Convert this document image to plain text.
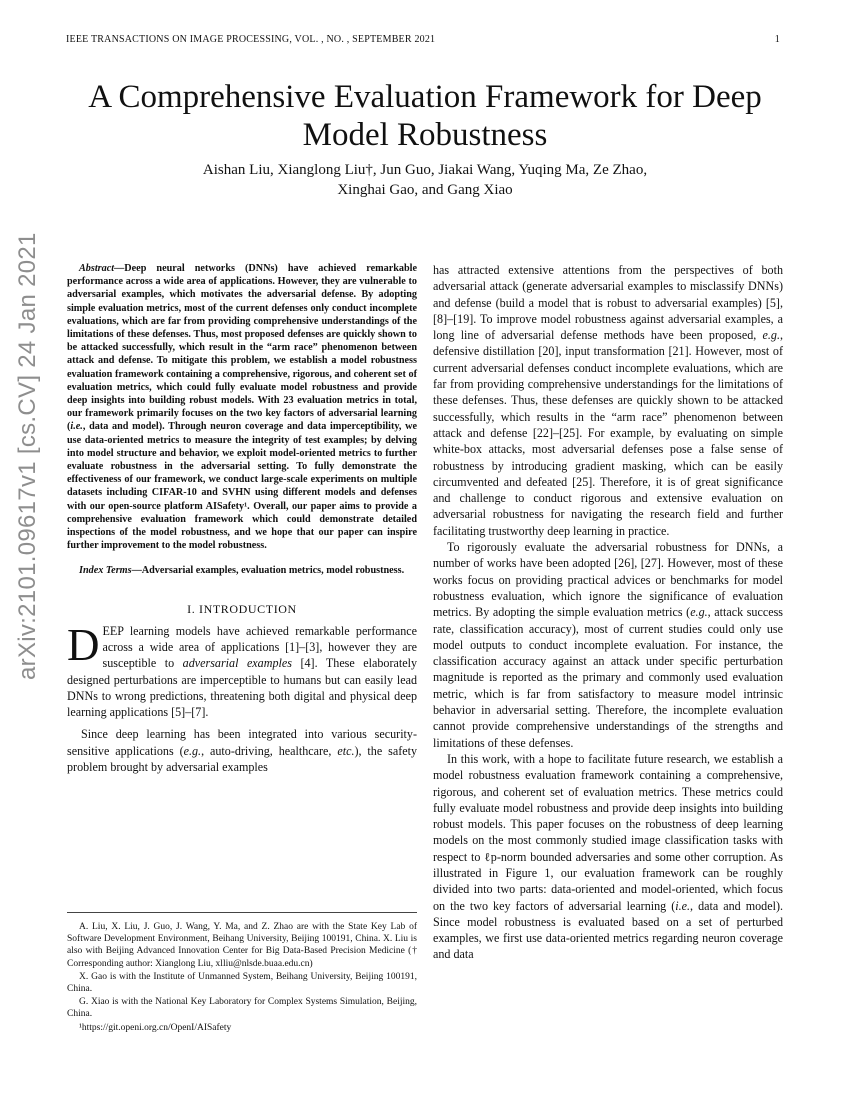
IEEE TRANSACTIONS ON IMAGE PROCESSING, VOL. , NO. , SEPTEMBER 2021	1
A Comprehensive Evaluation Framework for Deep Model Robustness
Aishan Liu, Xianglong Liu†, Jun Guo, Jiakai Wang, Yuqing Ma, Ze Zhao,
Xinghai Gao, and Gang Xiao
arXiv:2101.09617v1 [cs.CV] 24 Jan 2021	Abstract—Deep neural networks (DNNs) have achieved remarkable performance across a wide area of applications. However, they are vulnerable to adversarial examples, which motivates the adversarial defense. By adopting simple evaluation metrics, most of the current defenses only conduct incomplete evaluations, which are far from providing comprehensive understandings of the limitations of these defenses. Thus, most proposed defenses are quickly shown to be attacked successfully, which result in the “arm race” phenomenon between attack and defense. To mitigate this problem, we establish a model robustness evaluation framework containing a comprehensive, rigorous, and coherent set of evaluation metrics, which could fully evaluate model robustness and provide deep insights into building robust models. With 23 evaluation metrics in total, our framework primarily focuses on the two key factors of adversarial learning (i.e., data and model). Through neuron coverage and data imperceptibility, we use data-oriented metrics to measure the integrity of test examples; by delving into model structure and behavior, we exploit model-oriented metrics to further evaluate robustness in the adversarial setting. To fully demonstrate the effectiveness of our framework, we conduct large-scale experiments on multiple datasets including CIFAR-10 and SVHN using different models and defenses with our open-source platform AISafety¹. Overall, our paper aims to provide a comprehensive evaluation framework which could demonstrate detailed inspections of the model robustness, and we hope that our paper can inspire further improvement to the model robustness.

Index Terms—Adversarial examples, evaluation metrics, model robustness.

I. INTRODUCTION

DEEP learning models have achieved remarkable performance across a wide area of applications [1]–[3], however they are susceptible to adversarial examples [4]. These elaborately designed perturbations are imperceptible to humans but can easily lead DNNs to wrong predictions, threatening both digital and physical deep learning applications [5]–[7].

Since deep learning has been integrated into various security-sensitive applications (e.g., auto-driving, healthcare, etc.), the safety problem brought by adversarial examples

A. Liu, X. Liu, J. Guo, J. Wang, Y. Ma, and Z. Zhao are with the State Key Lab of Software Development Environment, Beihang University, Beijing 100191, China. X. Liu is also with Beijing Advanced Innovation Center for Big Data-Based Precision Medicine († Corresponding author: Xianglong Liu, xlliu@nlsde.buaa.edu.cn)

X. Gao is with the Institute of Unmanned System, Beihang University, Beijing 100191, China.

G. Xiao is with the National Key Laboratory for Complex Systems Simulation, Beijing, China.

¹https://git.openi.org.cn/OpenI/AISafety

has attracted extensive attentions from the perspectives of both adversarial attack (generate adversarial examples to misclassify DNNs) and defense (build a model that is robust to adversarial examples) [5], [8]–[19]. To improve model robustness against adversarial examples, a long line of adversarial defense methods have been proposed, e.g., defensive distillation [20], input transformation [21]. However, most of current adversarial defenses conduct incomplete evaluations, which are far from providing comprehensive understandings for the limitations of these defenses. Thus, these defenses are quickly shown to be attacked successfully, which results in the “arm race” phenomenon between attack and defense [22]–[25]. For example, by evaluating on simple white-box attacks, most adversarial defenses pose a false sense of robustness by introducing gradient masking, which can be easily circumvented and defeated [25]. Therefore, it is of great significance and challenge to conduct rigorous and extensive evaluation on adversarial robustness for navigating the research field and further facilitating trustworthy deep learning in practice.

To rigorously evaluate the adversarial robustness for DNNs, a number of works have been adopted [26], [27]. However, most of these works focus on providing practical advices or benchmarks for model robustness evaluation, which ignore the significance of evaluation metrics. By adopting the simple evaluation metrics (e.g., attack success rate, classification accuracy), most of current studies could only use model outputs to conduct incomplete evaluation. For instance, the classification accuracy against an attack under specific perturbation magnitude is reported as the primary and commonly used evaluation metric, which is far from satisfactory to measure model intrinsic behavior in adversarial setting. Therefore, the incomplete evaluation cannot provide comprehensive understandings of the strengths and limitations of these defenses.

In this work, with a hope to facilitate future research, we establish a model robustness evaluation framework containing a comprehensive, rigorous, and coherent set of evaluation metrics. These metrics could fully evaluate model robustness and provide deep insights into building robust models. This paper focuses on the robustness of deep learning models on the most commonly studied image classification tasks with respect to ℓp-norm bounded adversaries and some other corruption. As illustrated in Figure 1, our evaluation framework can be roughly divided into two parts: data-oriented and model-oriented, which focus on the two key factors of adversarial learning (i.e., data and model). Since model robustness is evaluated based on a set of perturbed examples, we first use data-oriented metrics regarding neuron coverage and data
